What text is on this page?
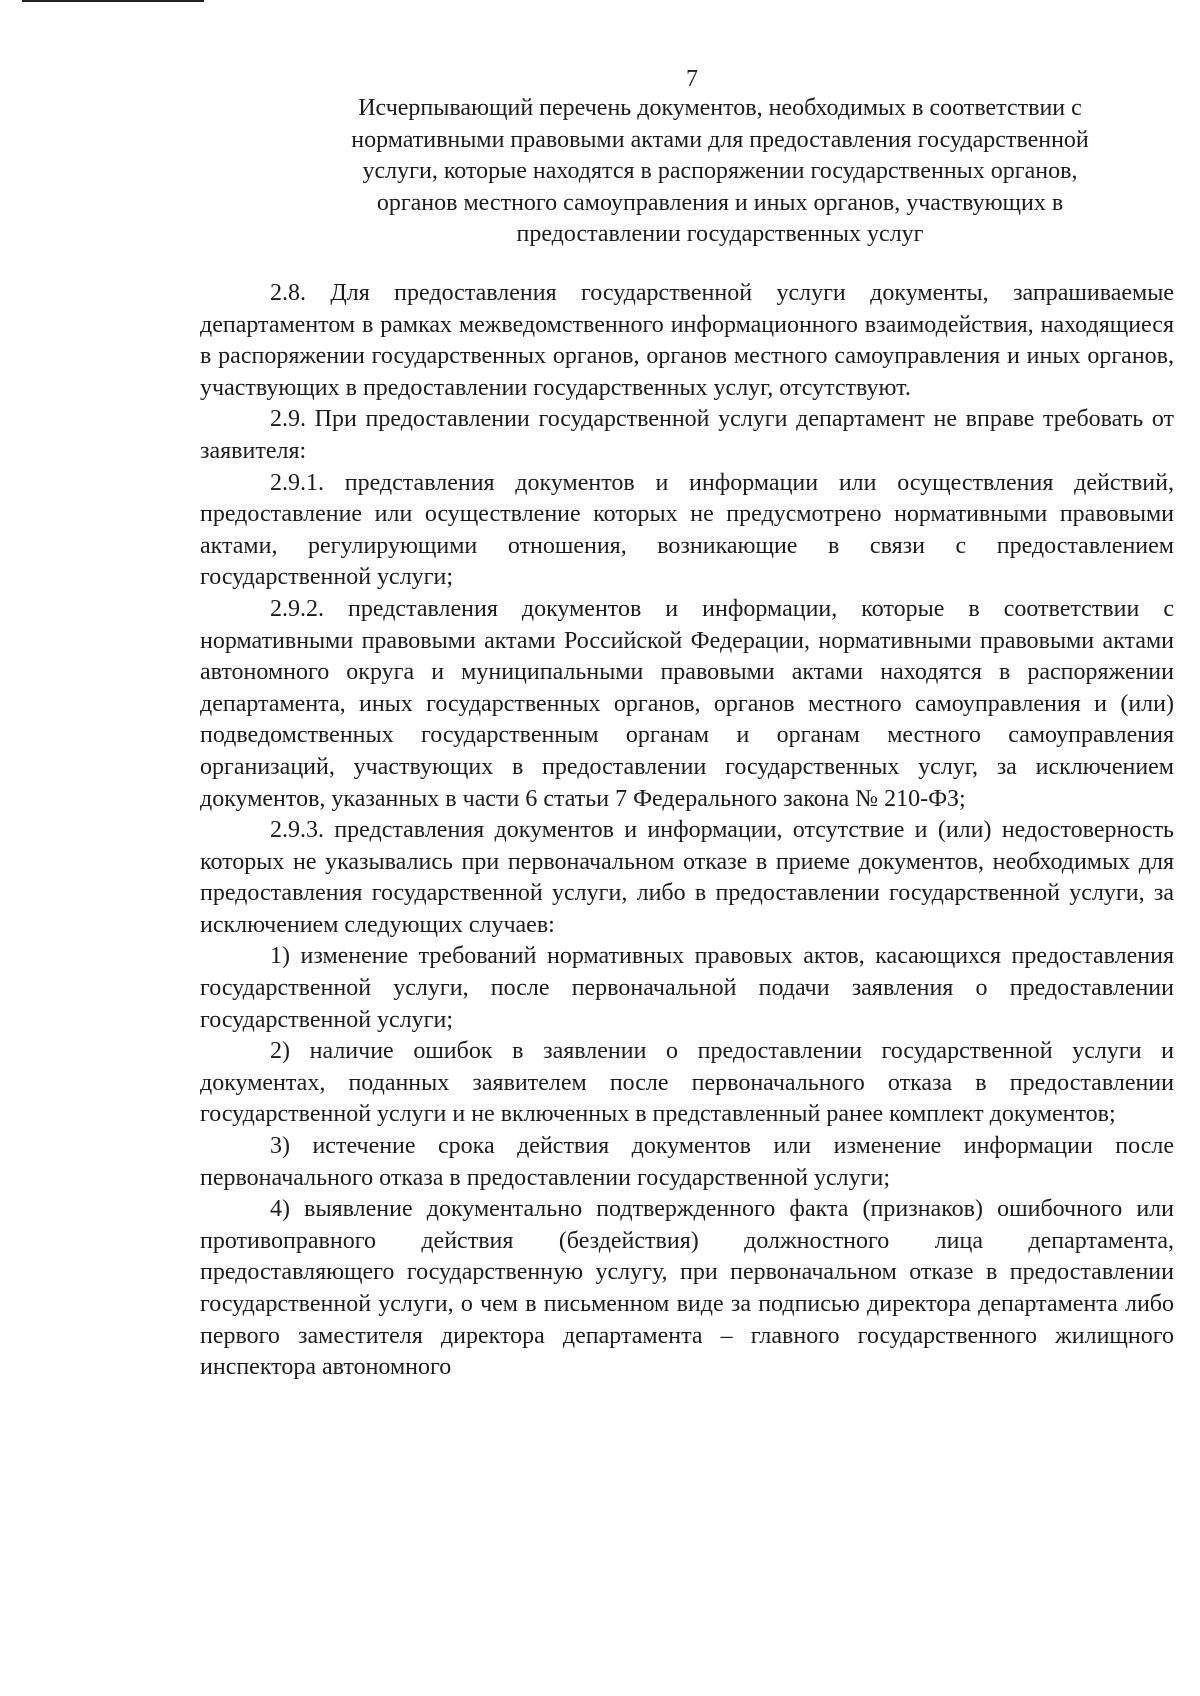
7
Исчерпывающий перечень документов, необходимых в соответствии с
нормативными правовыми актами для предоставления государственной
услуги, которые находятся в распоряжении государственных органов,
органов местного самоуправления и иных органов, участвующих в
предоставлении государственных услуг

2.8. Для предоставления государственной услуги документы, запрашиваемые департаментом в рамках межведомственного информационного взаимодействия, находящиеся в распоряжении государственных органов, органов местного самоуправления и иных органов, участвующих в предоставлении государственных услуг, отсутствуют.

2.9. При предоставлении государственной услуги департамент не вправе требовать от заявителя:

2.9.1. представления документов и информации или осуществления действий, предоставление или осуществление которых не предусмотрено нормативными правовыми актами, регулирующими отношения, возникающие в связи с предоставлением государственной услуги;

2.9.2. представления документов и информации, которые в соответствии с нормативными правовыми актами Российской Федерации, нормативными правовыми актами автономного округа и муниципальными правовыми актами находятся в распоряжении департамента, иных государственных органов, органов местного самоуправления и (или) подведомственных государственным органам и органам местного самоуправления организаций, участвующих в предоставлении государственных услуг, за исключением документов, указанных в части 6 статьи 7 Федерального закона № 210-ФЗ;

2.9.3. представления документов и информации, отсутствие и (или) недостоверность которых не указывались при первоначальном отказе в приеме документов, необходимых для предоставления государственной услуги, либо в предоставлении государственной услуги, за исключением следующих случаев:

1) изменение требований нормативных правовых актов, касающихся предоставления государственной услуги, после первоначальной подачи заявления о предоставлении государственной услуги;

2) наличие ошибок в заявлении о предоставлении государственной услуги и документах, поданных заявителем после первоначального отказа в предоставлении государственной услуги и не включенных в представленный ранее комплект документов;

3) истечение срока действия документов или изменение информации после первоначального отказа в предоставлении государственной услуги;

4) выявление документально подтвержденного факта (признаков) ошибочного или противоправного действия (бездействия) должностного лица департамента, предоставляющего государственную услугу, при первоначальном отказе в предоставлении государственной услуги, о чем в письменном виде за подписью директора департамента либо первого заместителя директора департамента – главного государственного жилищного инспектора автономного
